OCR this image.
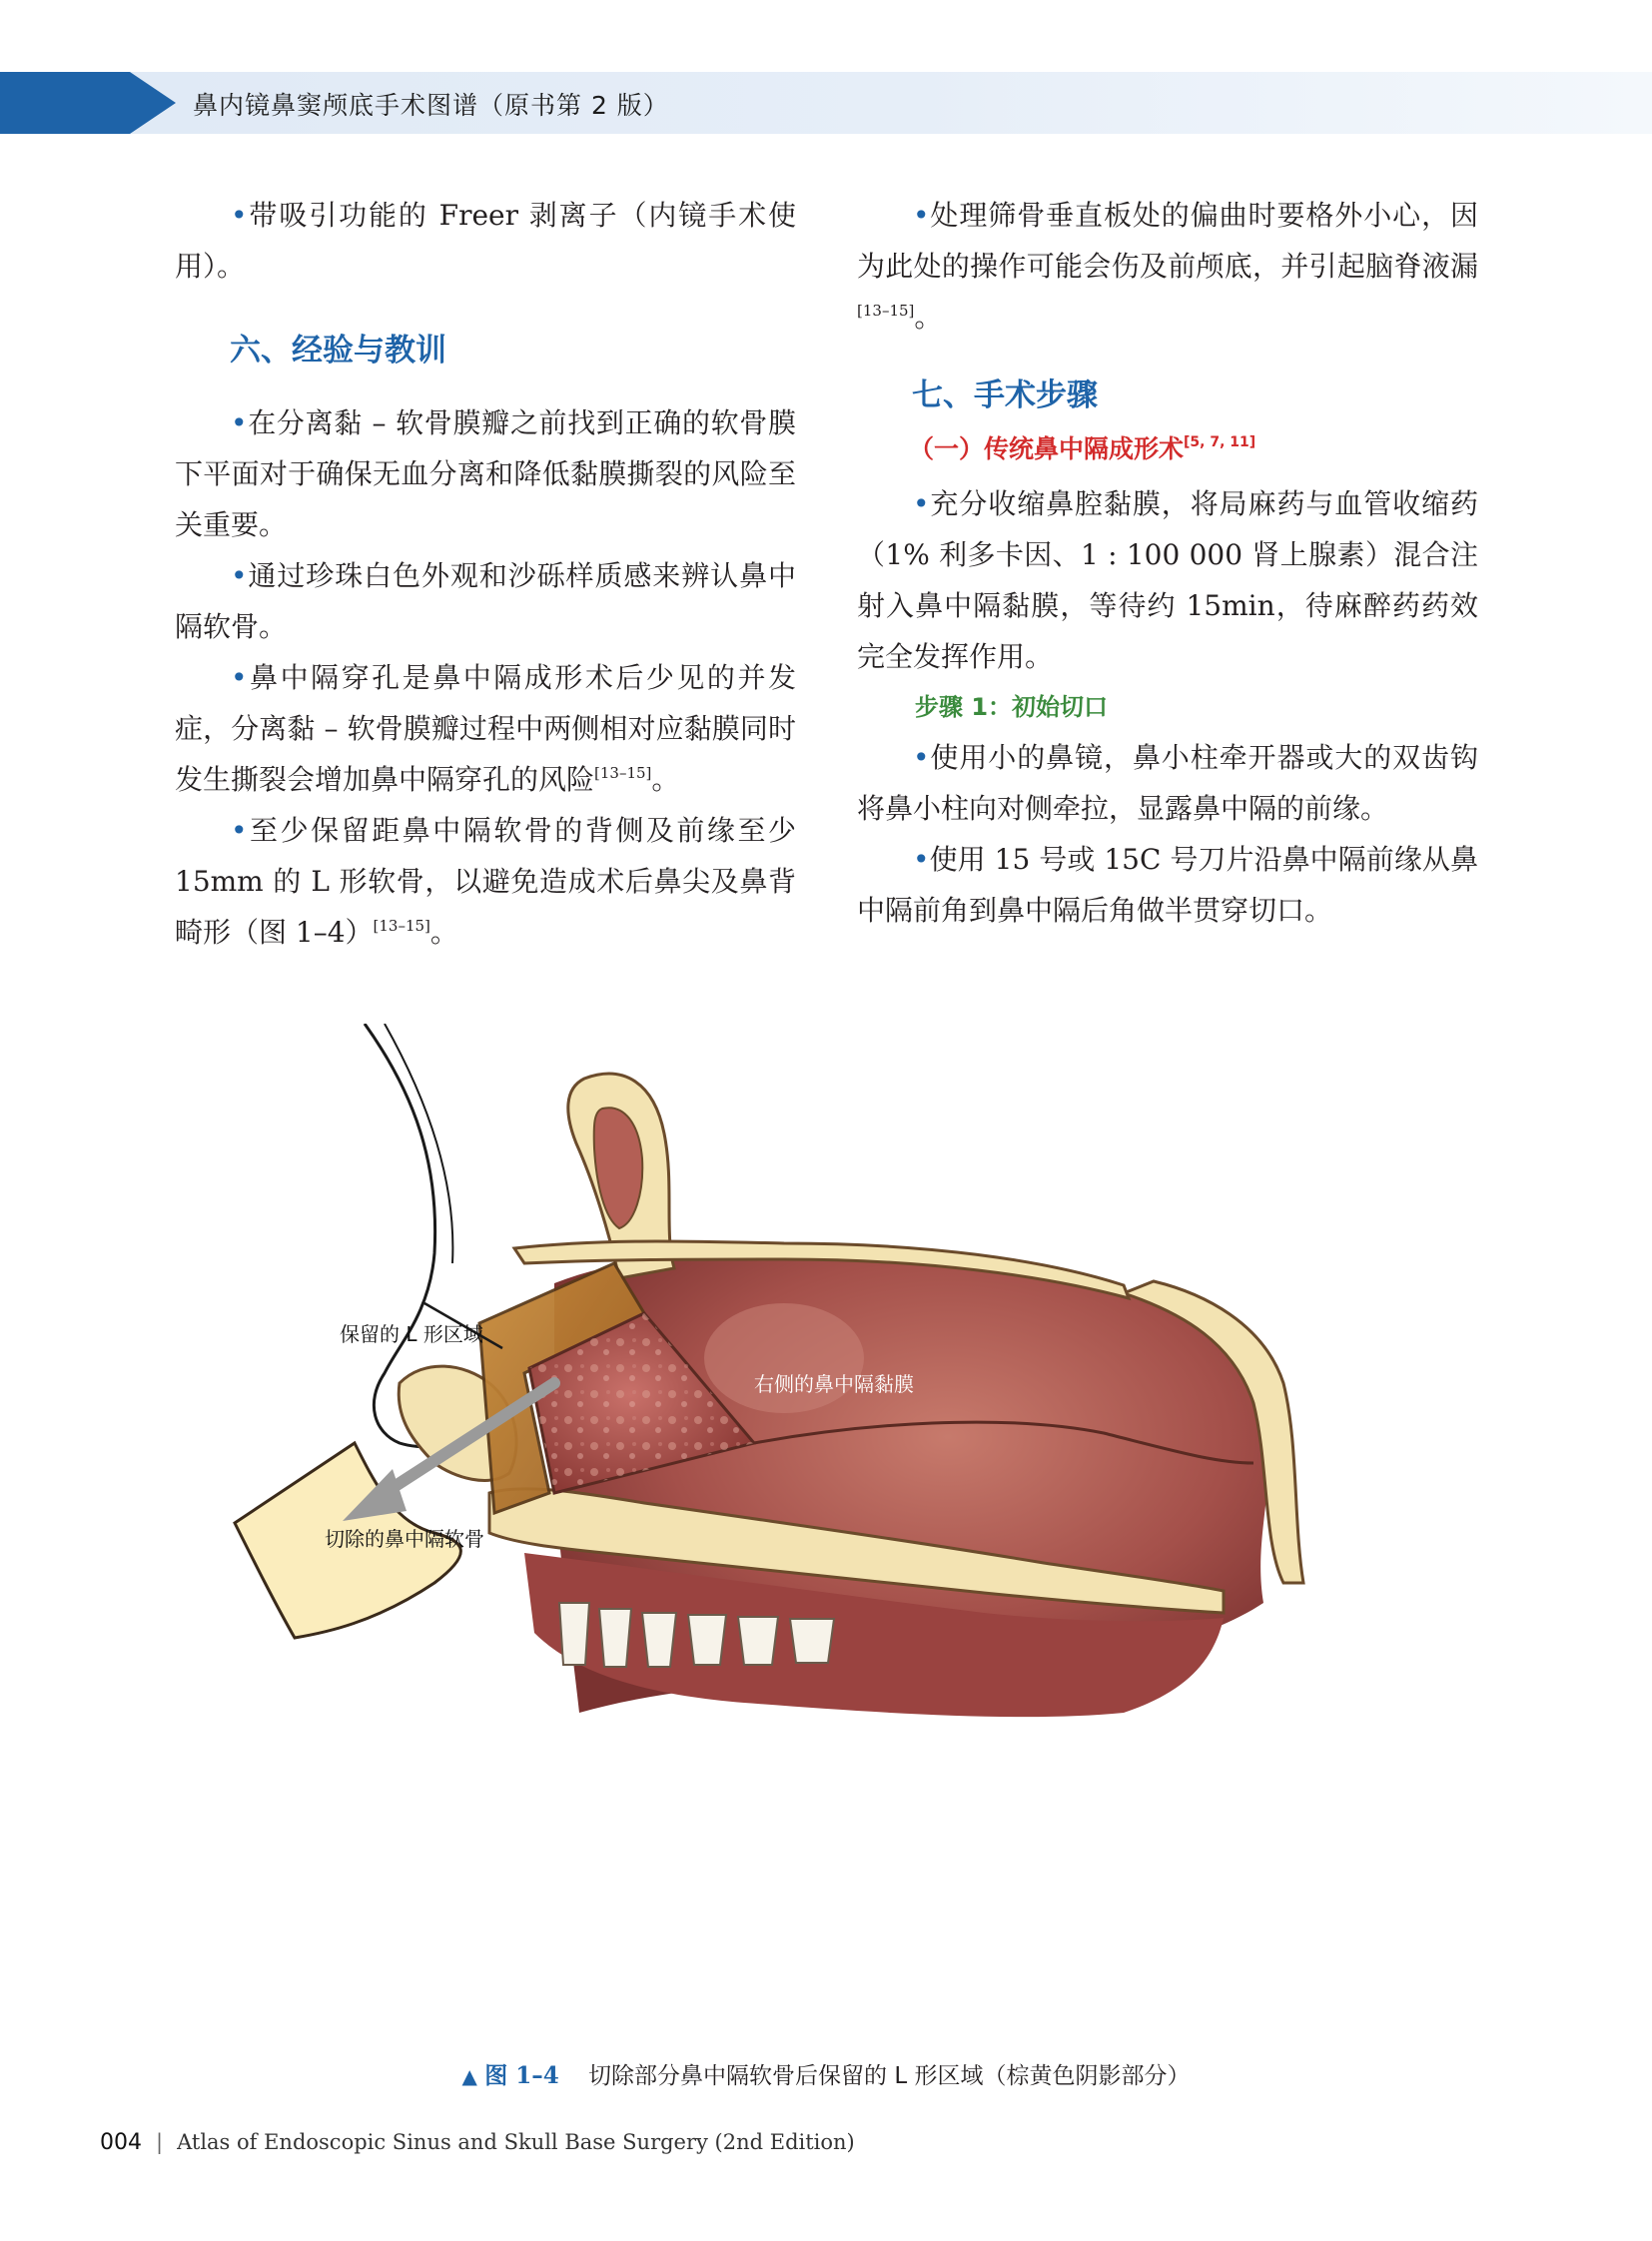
鼻内镜鼻窦颅底手术图谱（原书第 2 版）

•带吸引功能的 Freer 剥离子（内镜手术使用）。

六、经验与教训

•在分离黏 – 软骨膜瓣之前找到正确的软骨膜下平面对于确保无血分离和降低黏膜撕裂的风险至关重要。

•通过珍珠白色外观和沙砾样质感来辨认鼻中隔软骨。

•鼻中隔穿孔是鼻中隔成形术后少见的并发症，分离黏 – 软骨膜瓣过程中两侧相对应黏膜同时发生撕裂会增加鼻中隔穿孔的风险[13–15]。

•至少保留距鼻中隔软骨的背侧及前缘至少 15mm 的 L 形软骨，以避免造成术后鼻尖及鼻背畸形（图 1–4）[13–15]。

•处理筛骨垂直板处的偏曲时要格外小心，因为此处的操作可能会伤及前颅底，并引起脑脊液漏[13–15]。

七、手术步骤
（一）传统鼻中隔成形术[5, 7, 11]

•充分收缩鼻腔黏膜，将局麻药与血管收缩药（1% 利多卡因、1 : 100 000 肾上腺素）混合注射入鼻中隔黏膜，等待约 15min，待麻醉药药效完全发挥作用。

步骤 1：初始切口

•使用小的鼻镜，鼻小柱牵开器或大的双齿钩将鼻小柱向对侧牵拉，显露鼻中隔的前缘。

•使用 15 号或 15C 号刀片沿鼻中隔前缘从鼻中隔前角到鼻中隔后角做半贯穿切口。

保留的 L 形区域
右侧的鼻中隔黏膜
切除的鼻中隔软骨
▲ 图 1–4 切除部分鼻中隔软骨后保留的 L 形区域（棕黄色阴影部分）
004 | Atlas of Endoscopic Sinus and Skull Base Surgery (2nd Edition)
